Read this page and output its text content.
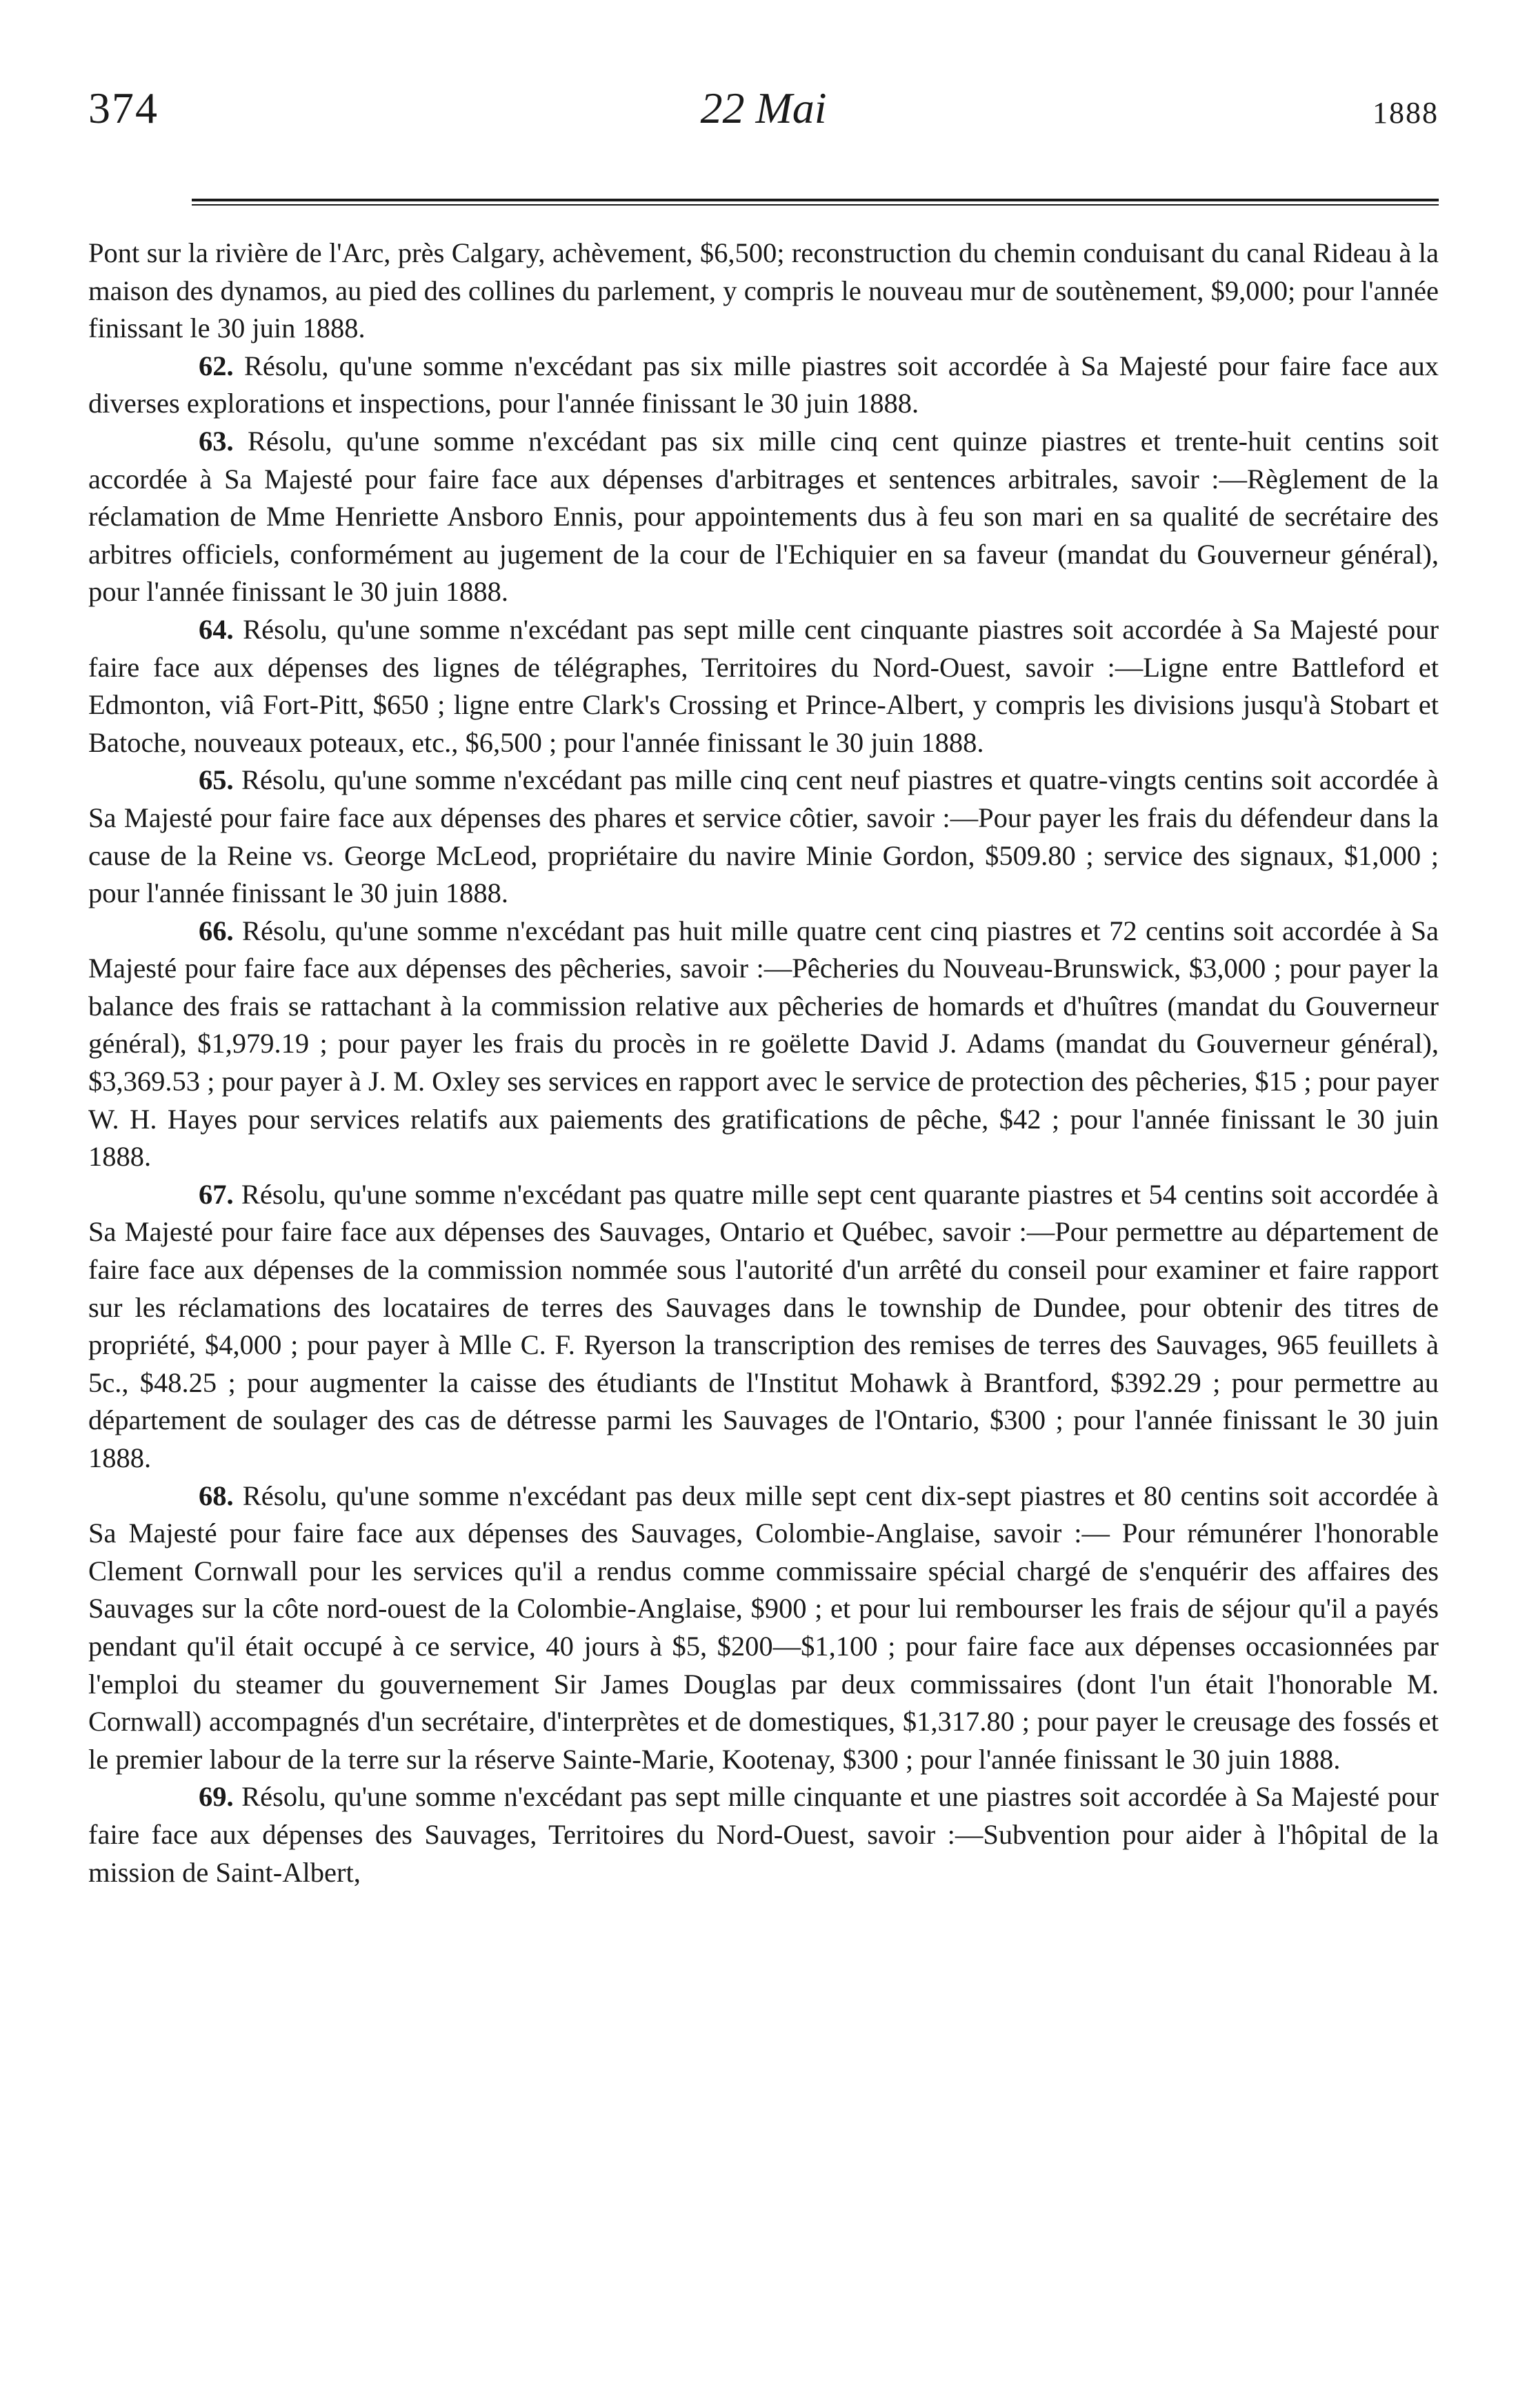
374	22 Mai	1888

Pont sur la rivière de l'Arc, près Calgary, achèvement, $6,500; reconstruction du chemin conduisant du canal Rideau à la maison des dynamos, au pied des collines du parlement, y compris le nouveau mur de soutènement, $9,000; pour l'année finissant le 30 juin 1888.

62. Résolu, qu'une somme n'excédant pas six mille piastres soit accordée à Sa Majesté pour faire face aux diverses explorations et inspections, pour l'année finissant le 30 juin 1888.

63. Résolu, qu'une somme n'excédant pas six mille cinq cent quinze piastres et trente-huit centins soit accordée à Sa Majesté pour faire face aux dépenses d'arbitrages et sentences arbitrales, savoir :—Règlement de la réclamation de Mme Henriette Ansboro Ennis, pour appointements dus à feu son mari en sa qualité de secrétaire des arbitres officiels, conformément au jugement de la cour de l'Echiquier en sa faveur (mandat du Gouverneur général), pour l'année finissant le 30 juin 1888.

64. Résolu, qu'une somme n'excédant pas sept mille cent cinquante piastres soit accordée à Sa Majesté pour faire face aux dépenses des lignes de télégraphes, Territoires du Nord-Ouest, savoir :—Ligne entre Battleford et Edmonton, viâ Fort-Pitt, $650 ; ligne entre Clark's Crossing et Prince-Albert, y compris les divisions jusqu'à Stobart et Batoche, nouveaux poteaux, etc., $6,500 ; pour l'année finissant le 30 juin 1888.

65. Résolu, qu'une somme n'excédant pas mille cinq cent neuf piastres et quatre-vingts centins soit accordée à Sa Majesté pour faire face aux dépenses des phares et service côtier, savoir :—Pour payer les frais du défendeur dans la cause de la Reine vs. George McLeod, propriétaire du navire Minie Gordon, $509.80 ; service des signaux, $1,000 ; pour l'année finissant le 30 juin 1888.

66. Résolu, qu'une somme n'excédant pas huit mille quatre cent cinq piastres et 72 centins soit accordée à Sa Majesté pour faire face aux dépenses des pêcheries, savoir :—Pêcheries du Nouveau-Brunswick, $3,000 ; pour payer la balance des frais se rattachant à la commission relative aux pêcheries de homards et d'huîtres (mandat du Gouverneur général), $1,979.19 ; pour payer les frais du procès in re goëlette David J. Adams (mandat du Gouverneur général), $3,369.53 ; pour payer à J. M. Oxley ses services en rapport avec le service de protection des pêcheries, $15 ; pour payer W. H. Hayes pour services relatifs aux paiements des gratifications de pêche, $42 ; pour l'année finissant le 30 juin 1888.

67. Résolu, qu'une somme n'excédant pas quatre mille sept cent quarante piastres et 54 centins soit accordée à Sa Majesté pour faire face aux dépenses des Sauvages, Ontario et Québec, savoir :—Pour permettre au département de faire face aux dépenses de la commission nommée sous l'autorité d'un arrêté du conseil pour examiner et faire rapport sur les réclamations des locataires de terres des Sauvages dans le township de Dundee, pour obtenir des titres de propriété, $4,000 ; pour payer à Mlle C. F. Ryerson la transcription des remises de terres des Sauvages, 965 feuillets à 5c., $48.25 ; pour augmenter la caisse des étudiants de l'Institut Mohawk à Brantford, $392.29 ; pour permettre au département de soulager des cas de détresse parmi les Sauvages de l'Ontario, $300 ; pour l'année finissant le 30 juin 1888.

68. Résolu, qu'une somme n'excédant pas deux mille sept cent dix-sept piastres et 80 centins soit accordée à Sa Majesté pour faire face aux dépenses des Sauvages, Colombie-Anglaise, savoir :— Pour rémunérer l'honorable Clement Cornwall pour les services qu'il a rendus comme commissaire spécial chargé de s'enquérir des affaires des Sauvages sur la côte nord-ouest de la Colombie-Anglaise, $900 ; et pour lui rembourser les frais de séjour qu'il a payés pendant qu'il était occupé à ce service, 40 jours à $5, $200—$1,100 ; pour faire face aux dépenses occasionnées par l'emploi du steamer du gouvernement Sir James Douglas par deux commissaires (dont l'un était l'honorable M. Cornwall) accompagnés d'un secrétaire, d'interprètes et de domestiques, $1,317.80 ; pour payer le creusage des fossés et le premier labour de la terre sur la réserve Sainte-Marie, Kootenay, $300 ; pour l'année finissant le 30 juin 1888.

69. Résolu, qu'une somme n'excédant pas sept mille cinquante et une piastres soit accordée à Sa Majesté pour faire face aux dépenses des Sauvages, Territoires du Nord-Ouest, savoir :—Subvention pour aider à l'hôpital de la mission de Saint-Albert,
